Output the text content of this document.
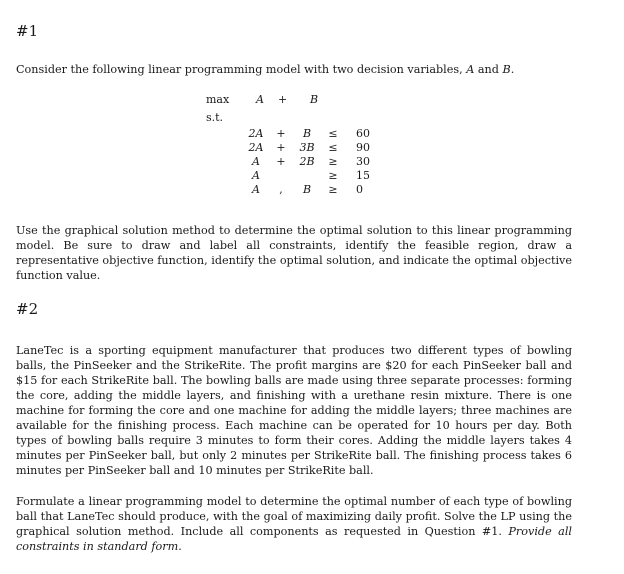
#1
Consider the following linear programming model with two decision variables, A and B.
max A + B
s.t.
2A	+	B	≤ 60
2A	+	3B	≤ 90
A	+	2B	≥ 30
A	≥ 15
A	,	B	≥ 0
Use the graphical solution method to determine the optimal solution to this linear programming model. Be sure to draw and label all constraints, identify the feasible region, draw a representative objective function, identify the optimal solution, and indicate the optimal objective function value.
#2
LaneTec is a sporting equipment manufacturer that produces two different types of bowling balls, the PinSeeker and the StrikeRite. The profit margins are $20 for each PinSeeker ball and $15 for each StrikeRite ball. The bowling balls are made using three separate processes: forming the core, adding the middle layers, and finishing with a urethane resin mixture. There is one machine for forming the core and one machine for adding the middle layers; three machines are available for the finishing process. Each machine can be operated for 10 hours per day. Both types of bowling balls require 3 minutes to form their cores. Adding the middle layers takes 4 minutes per PinSeeker ball, but only 2 minutes per StrikeRite ball. The finishing process takes 6 minutes per PinSeeker ball and 10 minutes per StrikeRite ball.
Formulate a linear programming model to determine the optimal number of each type of bowling ball that LaneTec should produce, with the goal of maximizing daily profit. Solve the LP using the graphical solution method. Include all components as requested in Question #1. Provide all constraints in standard form.
